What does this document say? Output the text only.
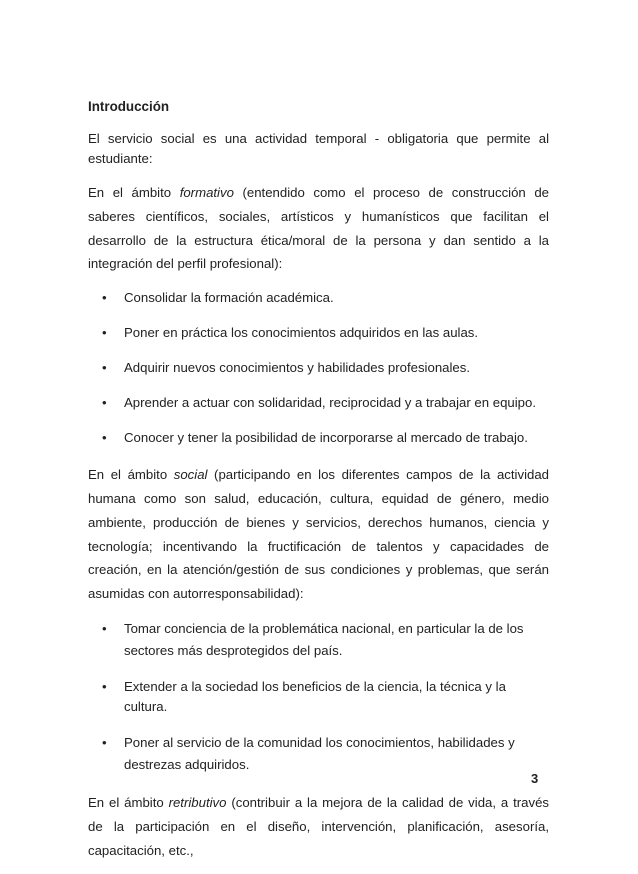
Introducción

El servicio social es una actividad temporal - obligatoria que permite al estudiante:

En el ámbito formativo (entendido como el proceso de construcción de saberes científicos, sociales, artísticos y humanísticos que facilitan el desarrollo de la estructura ética/moral de la persona y dan sentido a la integración del perfil profesional):

• Consolidar la formación académica.
• Poner en práctica los conocimientos adquiridos en las aulas.
• Adquirir nuevos conocimientos y habilidades profesionales.
• Aprender a actuar con solidaridad, reciprocidad y a trabajar en equipo.
• Conocer y tener la posibilidad de incorporarse al mercado de trabajo.

En el ámbito social (participando en los diferentes campos de la actividad humana como son salud, educación, cultura, equidad de género, medio ambiente, producción de bienes y servicios, derechos humanos, ciencia y tecnología; incentivando la fructificación de talentos y capacidades de creación, en la atención/gestión de sus condiciones y problemas, que serán asumidas con autorresponsabilidad):

• Tomar conciencia de la problemática nacional, en particular la de los sectores más desprotegidos del país.
• Extender a la sociedad los beneficios de la ciencia, la técnica y la cultura.
• Poner al servicio de la comunidad los conocimientos, habilidades y destrezas adquiridos.

En el ámbito retributivo (contribuir a la mejora de la calidad de vida, a través de la participación en el diseño, intervención, planificación, asesoría, capacitación, etc.,

3
